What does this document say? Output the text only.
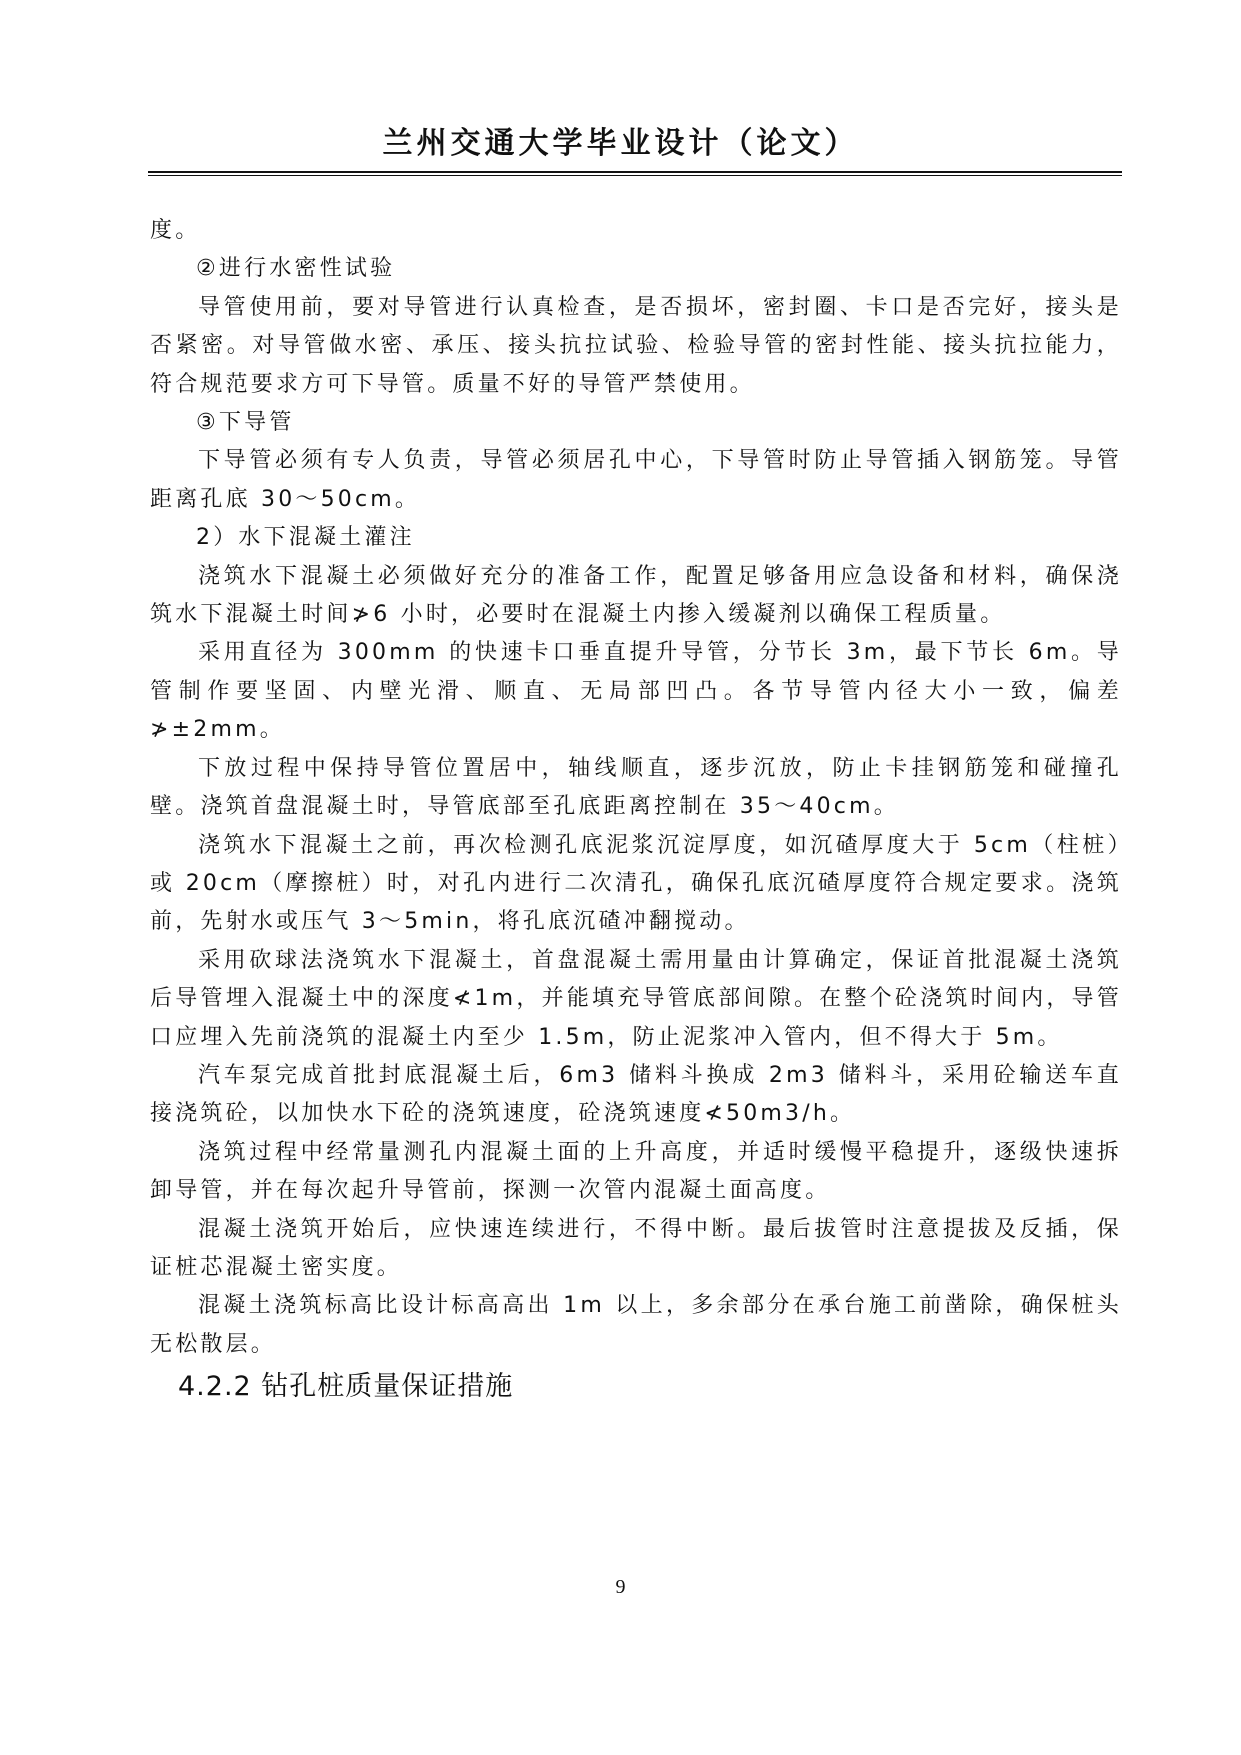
兰州交通大学毕业设计（论文）

度。

②进行水密性试验

导管使用前，要对导管进行认真检查，是否损坏，密封圈、卡口是否完好，接头是否紧密。对导管做水密、承压、接头抗拉试验、检验导管的密封性能、接头抗拉能力，符合规范要求方可下导管。质量不好的导管严禁使用。

③下导管

下导管必须有专人负责，导管必须居孔中心，下导管时防止导管插入钢筋笼。导管距离孔底 30～50cm。

2）水下混凝土灌注

浇筑水下混凝土必须做好充分的准备工作，配置足够备用应急设备和材料，确保浇筑水下混凝土时间≯6 小时，必要时在混凝土内掺入缓凝剂以确保工程质量。

采用直径为 300mm 的快速卡口垂直提升导管，分节长 3m，最下节长 6m。导管制作要坚固、内壁光滑、顺直、无局部凹凸。各节导管内径大小一致，偏差≯±2mm。

下放过程中保持导管位置居中，轴线顺直，逐步沉放，防止卡挂钢筋笼和碰撞孔壁。浇筑首盘混凝土时，导管底部至孔底距离控制在 35～40cm。

浇筑水下混凝土之前，再次检测孔底泥浆沉淀厚度，如沉碴厚度大于 5cm（柱桩）或 20cm（摩擦桩）时，对孔内进行二次清孔，确保孔底沉碴厚度符合规定要求。浇筑前，先射水或压气 3～5min，将孔底沉碴冲翻搅动。

采用砍球法浇筑水下混凝土，首盘混凝土需用量由计算确定，保证首批混凝土浇筑后导管埋入混凝土中的深度≮1m，并能填充导管底部间隙。在整个砼浇筑时间内，导管口应埋入先前浇筑的混凝土内至少 1.5m，防止泥浆冲入管内，但不得大于 5m。

汽车泵完成首批封底混凝土后，6m3 储料斗换成 2m3 储料斗，采用砼输送车直接浇筑砼，以加快水下砼的浇筑速度，砼浇筑速度≮50m3/h。

浇筑过程中经常量测孔内混凝土面的上升高度，并适时缓慢平稳提升，逐级快速拆卸导管，并在每次起升导管前，探测一次管内混凝土面高度。

混凝土浇筑开始后，应快速连续进行，不得中断。最后拔管时注意提拔及反插，保证桩芯混凝土密实度。

混凝土浇筑标高比设计标高高出 1m 以上，多余部分在承台施工前凿除，确保桩头无松散层。

4.2.2 钻孔桩质量保证措施

9
